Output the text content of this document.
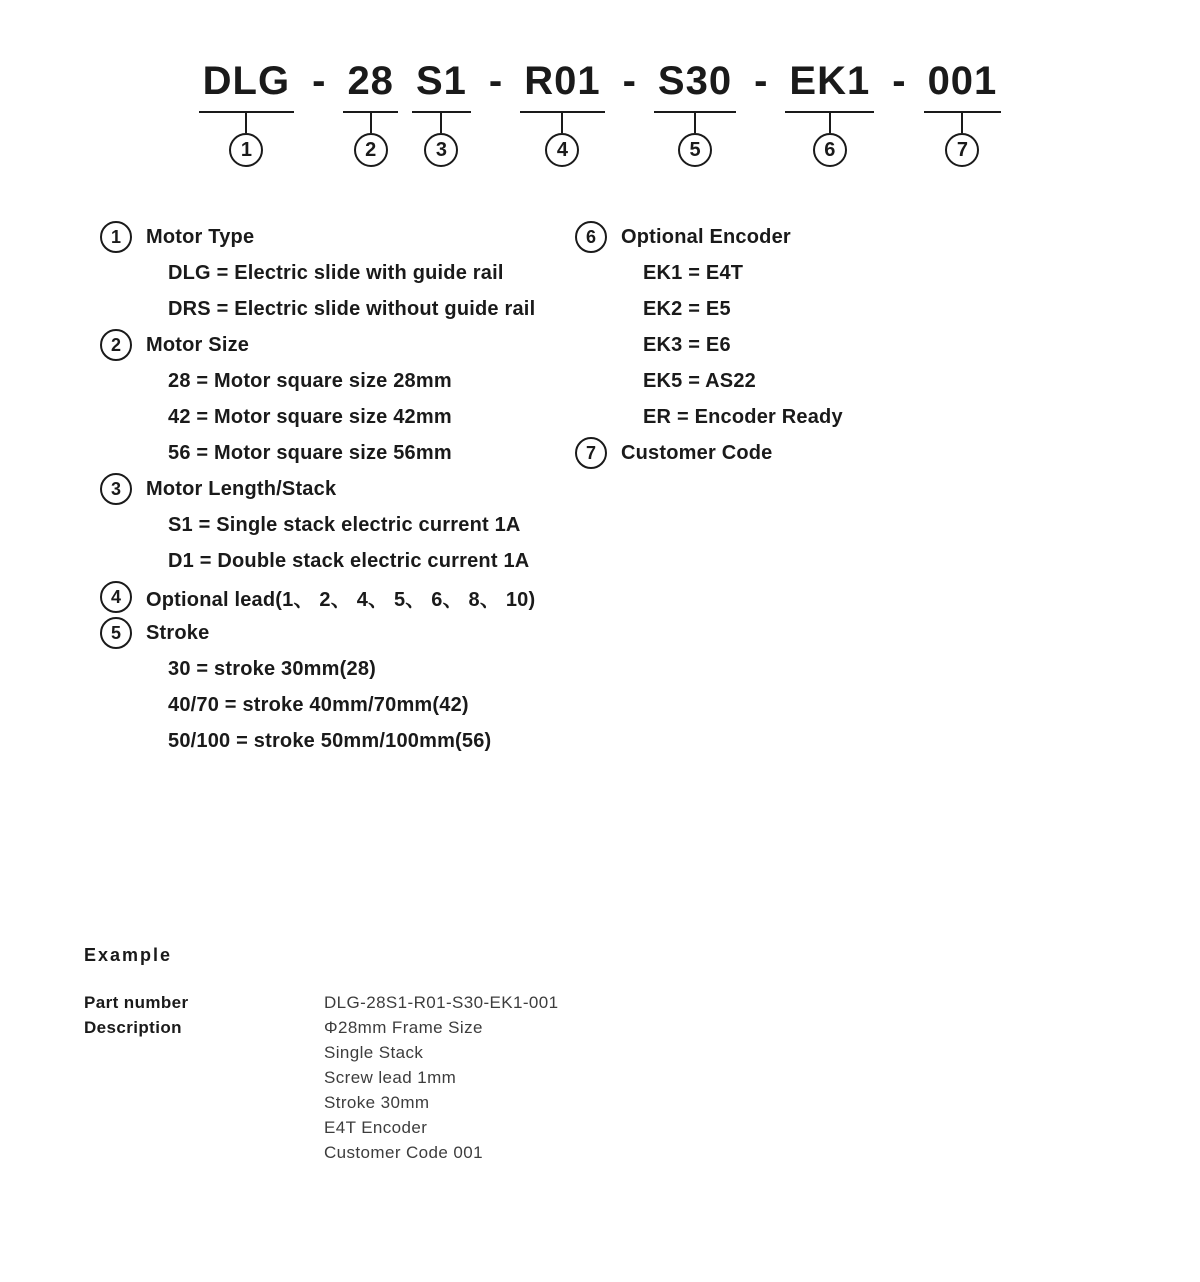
DLG
1
- 28
2
S1
3
- R01
4
- S30
5
- EK1
6
- 001
7
1	Motor Type
DLG = Electric slide with guide rail
DRS = Electric slide without guide rail
2	Motor Size
28 = Motor square size 28mm
42 = Motor square size 42mm
56 = Motor square size 56mm
3	Motor Length/Stack
S1 = Single stack electric current 1A
D1 = Double stack electric current 1A
4	Optional lead(1、 2、 4、 5、 6、 8、 10)
5	Stroke
30 = stroke 30mm(28)
40/70 = stroke 40mm/70mm(42)
50/100 = stroke 50mm/100mm(56)
6	Optional Encoder
EK1 = E4T
EK2 = E5
EK3 = E6
EK5 = AS22
ER = Encoder Ready
7	Customer Code
Example
Part number	DLG-28S1-R01-S30-EK1-001
Description	Φ28mm Frame Size
Single Stack
Screw lead 1mm
Stroke 30mm
E4T Encoder
Customer Code 001
